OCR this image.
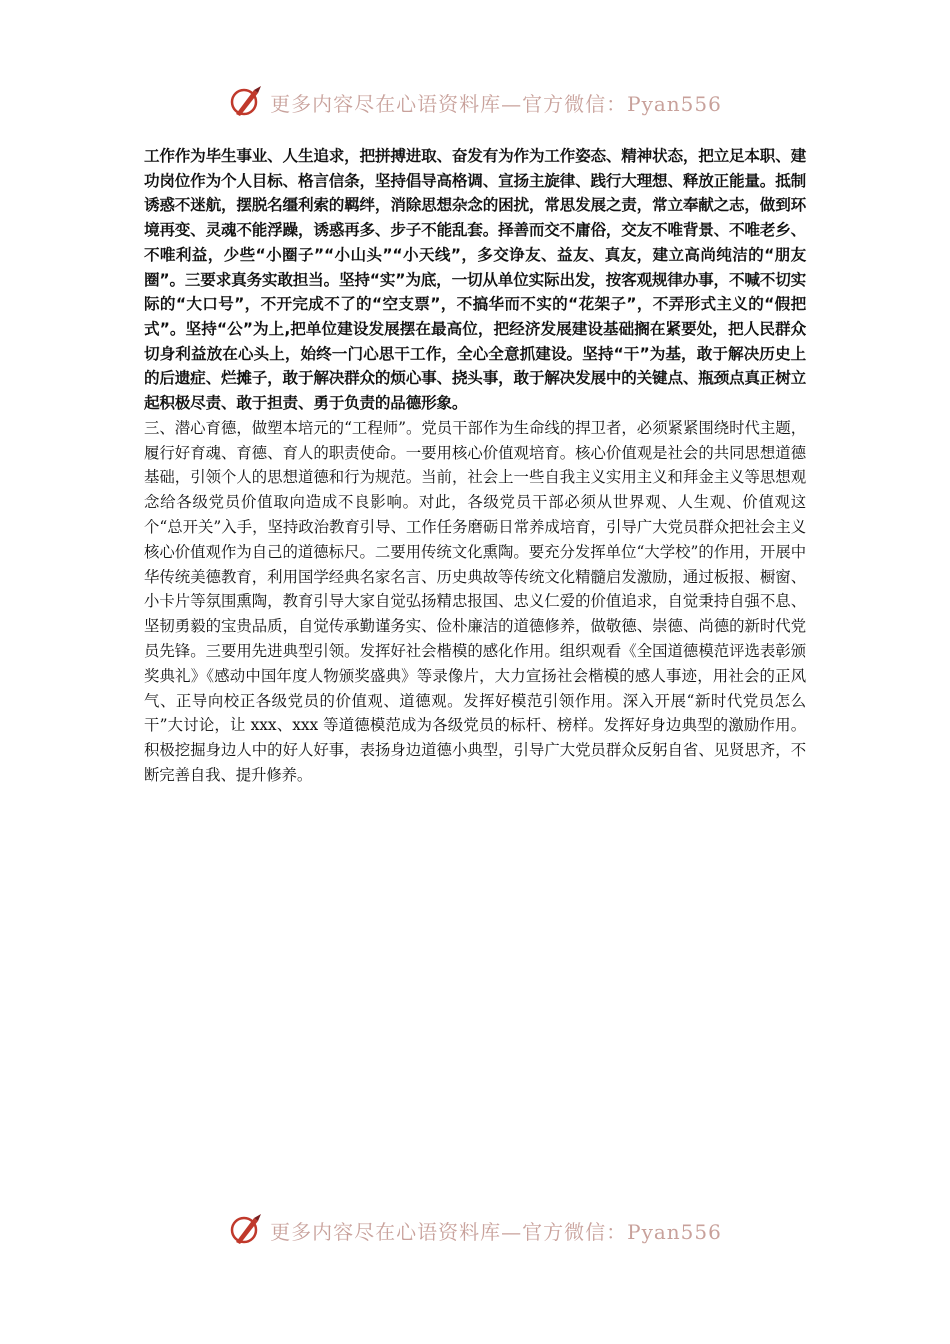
更多内容尽在心语资料库—官方微信：Pyan556

工作作为毕生事业、人生追求，把拼搏进取、奋发有为作为工作姿态、精神状态，把立足本职、建功岗位作为个人目标、格言信条，坚持倡导高格调、宣扬主旋律、践行大理想、释放正能量。抵制诱惑不迷航，摆脱名缰利索的羁绊，消除思想杂念的困扰，常思发展之责，常立奉献之志，做到环境再变、灵魂不能浮躁，诱惑再多、步子不能乱套。择善而交不庸俗，交友不唯背景、不唯老乡、不唯利益，少些“小圈子”“小山头”“小天线”，多交诤友、益友、真友，建立高尚纯洁的“朋友圈”。三要求真务实敢担当。坚持“实”为底，一切从单位实际出发，按客观规律办事，不喊不切实际的“大口号”，不开完成不了的“空支票”，不搞华而不实的“花架子”，不弄形式主义的“假把式”。坚持“公”为上,把单位建设发展摆在最高位，把经济发展建设基础搁在紧要处，把人民群众切身利益放在心头上，始终一门心思干工作，全心全意抓建设。坚持“干”为基，敢于解决历史上的后遗症、烂摊子，敢于解决群众的烦心事、挠头事，敢于解决发展中的关键点、瓶颈点真正树立起积极尽责、敢于担责、勇于负责的品德形象。

三、潜心育德，做塑本培元的“工程师”。党员干部作为生命线的捍卫者，必须紧紧围绕时代主题，履行好育魂、育德、育人的职责使命。一要用核心价值观培育。核心价值观是社会的共同思想道德基础，引领个人的思想道德和行为规范。当前，社会上一些自我主义实用主义和拜金主义等思想观念给各级党员价值取向造成不良影响。对此，各级党员干部必须从世界观、人生观、价值观这个“总开关”入手，坚持政治教育引导、工作任务磨砺日常养成培育，引导广大党员群众把社会主义核心价值观作为自己的道德标尺。二要用传统文化熏陶。要充分发挥单位“大学校”的作用，开展中华传统美德教育，利用国学经典名家名言、历史典故等传统文化精髓启发激励，通过板报、橱窗、小卡片等氛围熏陶，教育引导大家自觉弘扬精忠报国、忠义仁爱的价值追求，自觉秉持自强不息、坚韧勇毅的宝贵品质，自觉传承勤谨务实、俭朴廉洁的道德修养，做敬德、崇德、尚德的新时代党员先锋。三要用先进典型引领。发挥好社会楷模的感化作用。组织观看《全国道德模范评选表彰颁奖典礼》《感动中国年度人物颁奖盛典》等录像片，大力宣扬社会楷模的感人事迹，用社会的正风气、正导向校正各级党员的价值观、道德观。发挥好模范引领作用。深入开展“新时代党员怎么干”大讨论，让 xxx、xxx 等道德模范成为各级党员的标杆、榜样。发挥好身边典型的激励作用。积极挖掘身边人中的好人好事，表扬身边道德小典型，引导广大党员群众反躬自省、见贤思齐，不断完善自我、提升修养。

更多内容尽在心语资料库—官方微信：Pyan556
